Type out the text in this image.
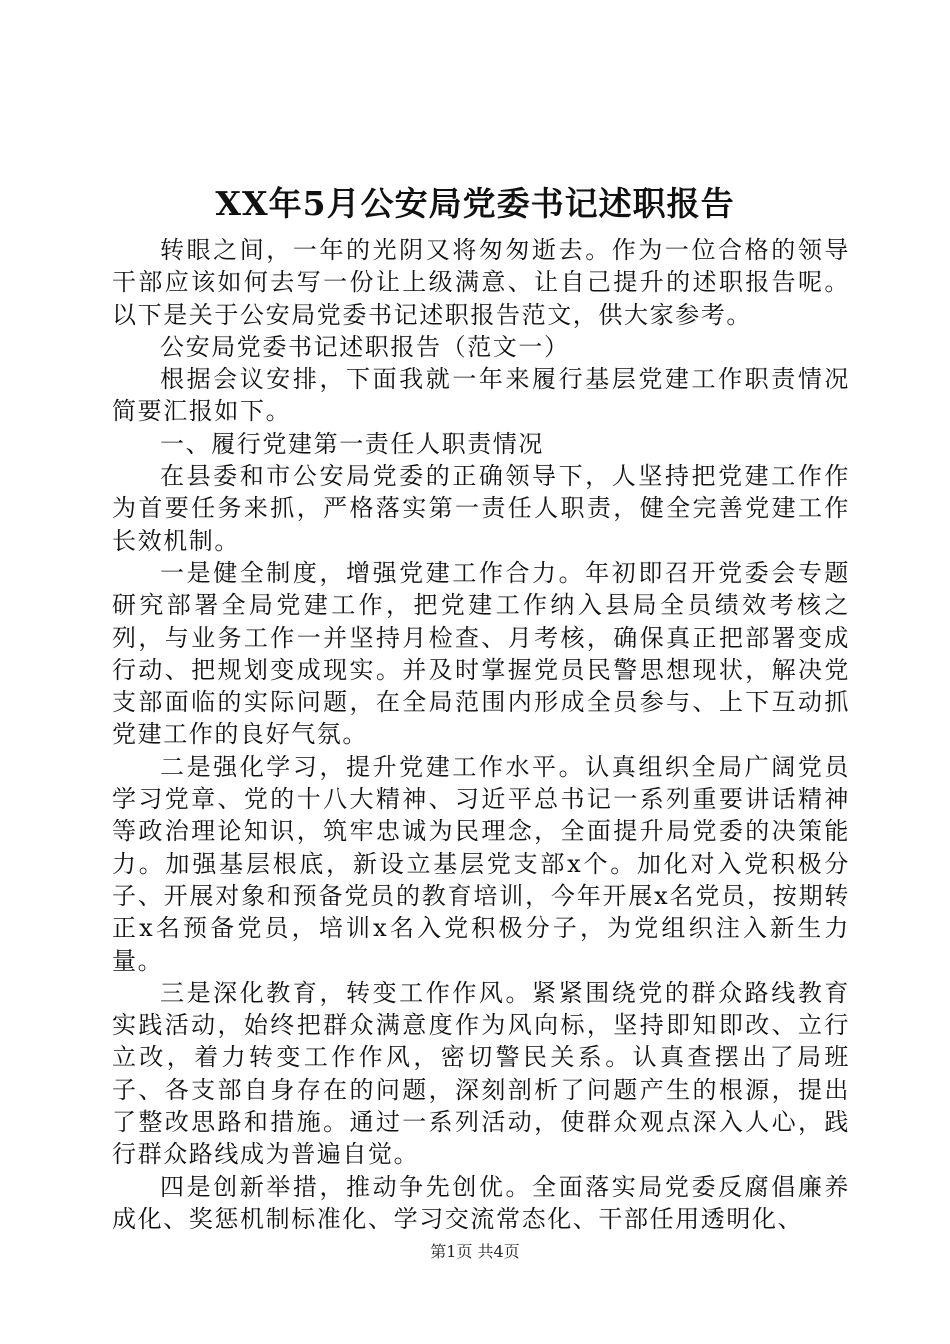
XX年5月公安局党委书记述职报告

转眼之间，一年的光阴又将匆匆逝去。作为一位合格的领导干部应该如何去写一份让上级满意、让自己提升的述职报告呢。以下是关于公安局党委书记述职报告范文，供大家参考。

公安局党委书记述职报告（范文一）

根据会议安排，下面我就一年来履行基层党建工作职责情况简要汇报如下。

一、履行党建第一责任人职责情况

在县委和市公安局党委的正确领导下，人坚持把党建工作作为首要任务来抓，严格落实第一责任人职责，健全完善党建工作长效机制。

一是健全制度，增强党建工作合力。年初即召开党委会专题研究部署全局党建工作，把党建工作纳入县局全员绩效考核之列，与业务工作一并坚持月检查、月考核，确保真正把部署变成行动、把规划变成现实。并及时掌握党员民警思想现状，解决党支部面临的实际问题，在全局范围内形成全员参与、上下互动抓党建工作的良好气氛。

二是强化学习，提升党建工作水平。认真组织全局广阔党员学习党章、党的十八大精神、习近平总书记一系列重要讲话精神等政治理论知识，筑牢忠诚为民理念，全面提升局党委的决策能力。加强基层根底，新设立基层党支部x个。加化对入党积极分子、开展对象和预备党员的教育培训，今年开展x名党员，按期转正x名预备党员，培训x名入党积极分子，为党组织注入新生力量。

三是深化教育，转变工作作风。紧紧围绕党的群众路线教育实践活动，始终把群众满意度作为风向标，坚持即知即改、立行立改，着力转变工作作风，密切警民关系。认真查摆出了局班子、各支部自身存在的问题，深刻剖析了问题产生的根源，提出了整改思路和措施。通过一系列活动，使群众观点深入人心，践行群众路线成为普遍自觉。

四是创新举措，推动争先创优。全面落实局党委反腐倡廉养成化、奖惩机制标准化、学习交流常态化、干部任用透明化、

第1页 共4页
